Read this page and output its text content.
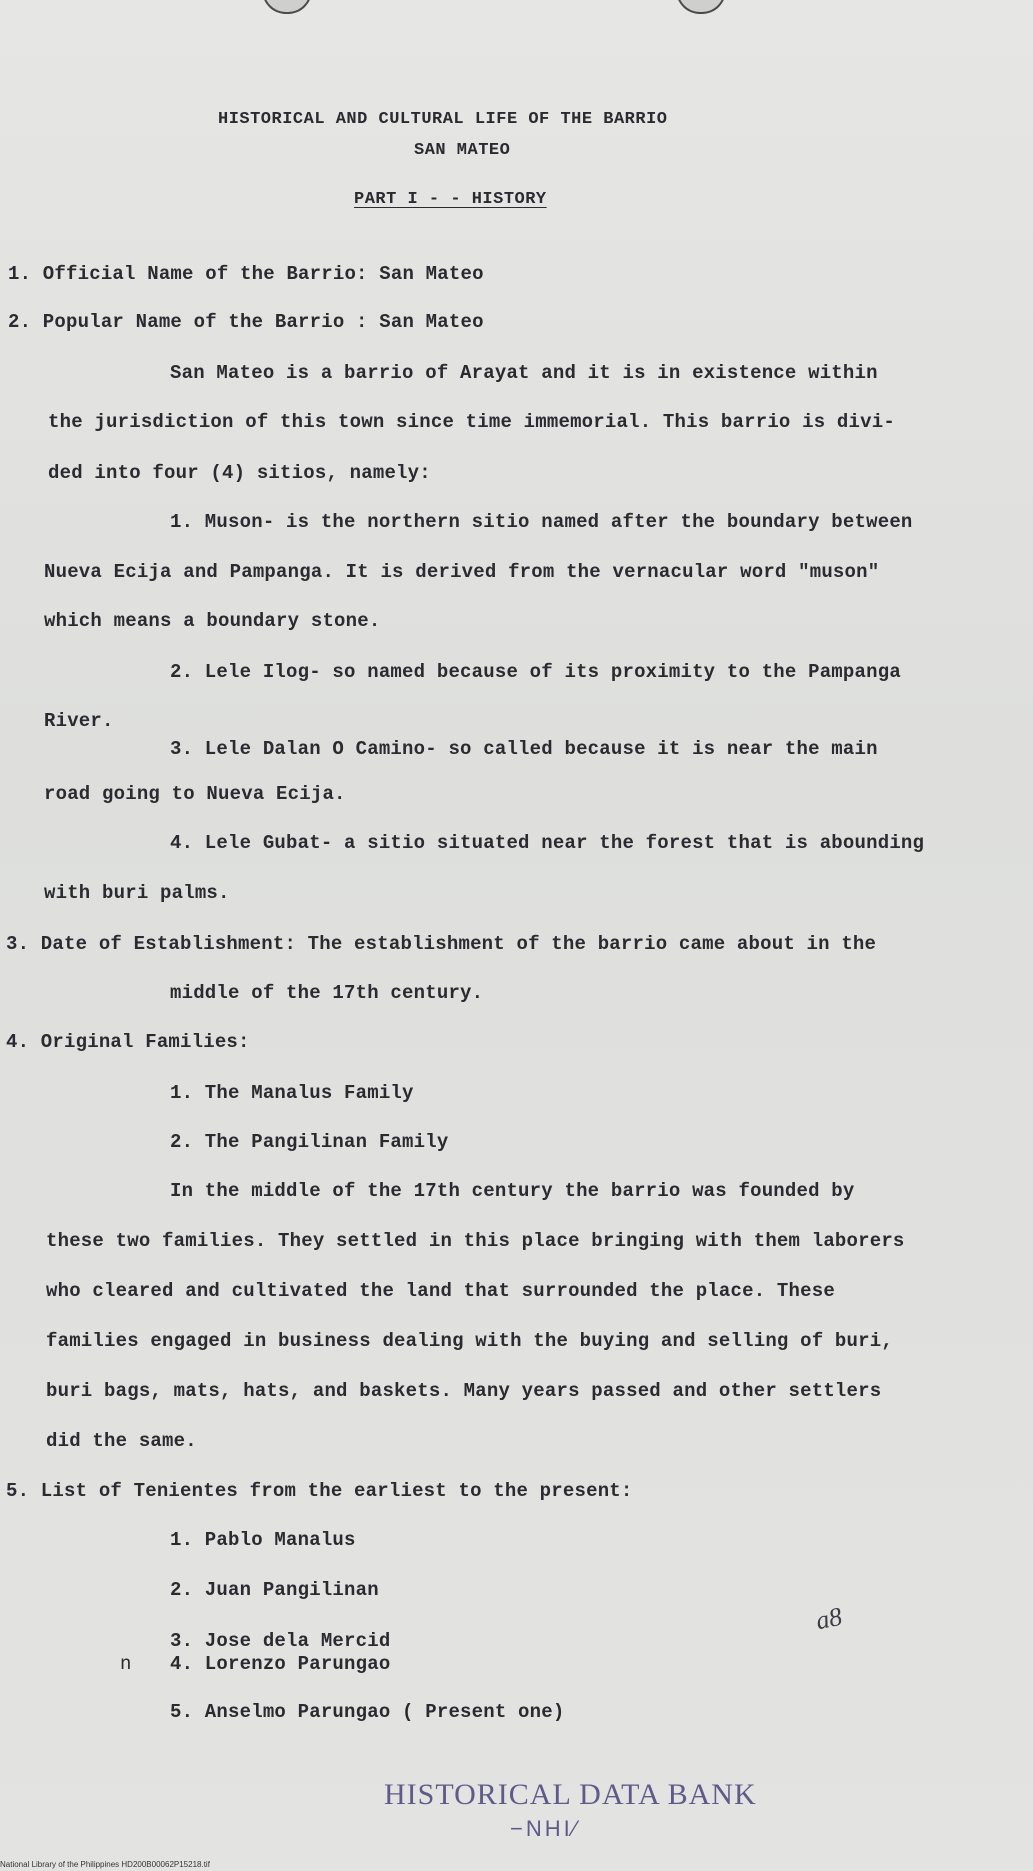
HISTORICAL AND CULTURAL LIFE OF THE BARRIO
SAN MATEO
PART I - - HISTORY
1. Official Name of the Barrio: San Mateo
2. Popular Name of the Barrio : San Mateo
San Mateo is a barrio of Arayat and it is in existence within
the jurisdiction of this town since time immemorial. This barrio is divi-
ded into four (4) sitios, namely:
1. Muson- is the northern sitio named after the boundary between
Nueva Ecija and Pampanga. It is derived from the vernacular word "muson"
which means a boundary stone.
2. Lele Ilog- so named because of its proximity to the Pampanga
River.
3. Lele Dalan O Camino- so called because it is near the main
road going to Nueva Ecija.
4. Lele Gubat- a sitio situated near the forest that is abounding
with buri palms.
3. Date of Establishment: The establishment of the barrio came about in the
middle of the 17th century.
4. Original Families:
1. The Manalus Family
2. The Pangilinan Family
In the middle of the 17th century the barrio was founded by
these two families. They settled in this place bringing with them laborers
who cleared and cultivated the land that surrounded the place. These
families engaged in business dealing with the buying and selling of buri,
buri bags, mats, hats, and baskets. Many years passed and other settlers
did the same.
5. List of Tenientes from the earliest to the present:
1. Pablo Manalus
2. Juan Pangilinan
3. Jose dela Mercid
n 4. Lorenzo Parungao
5. Anselmo Parungao ( Present one)
a8
HISTORICAL DATA BANK
−NHI⁄
National Library of the Philippines HD200B00062P15218.tif
